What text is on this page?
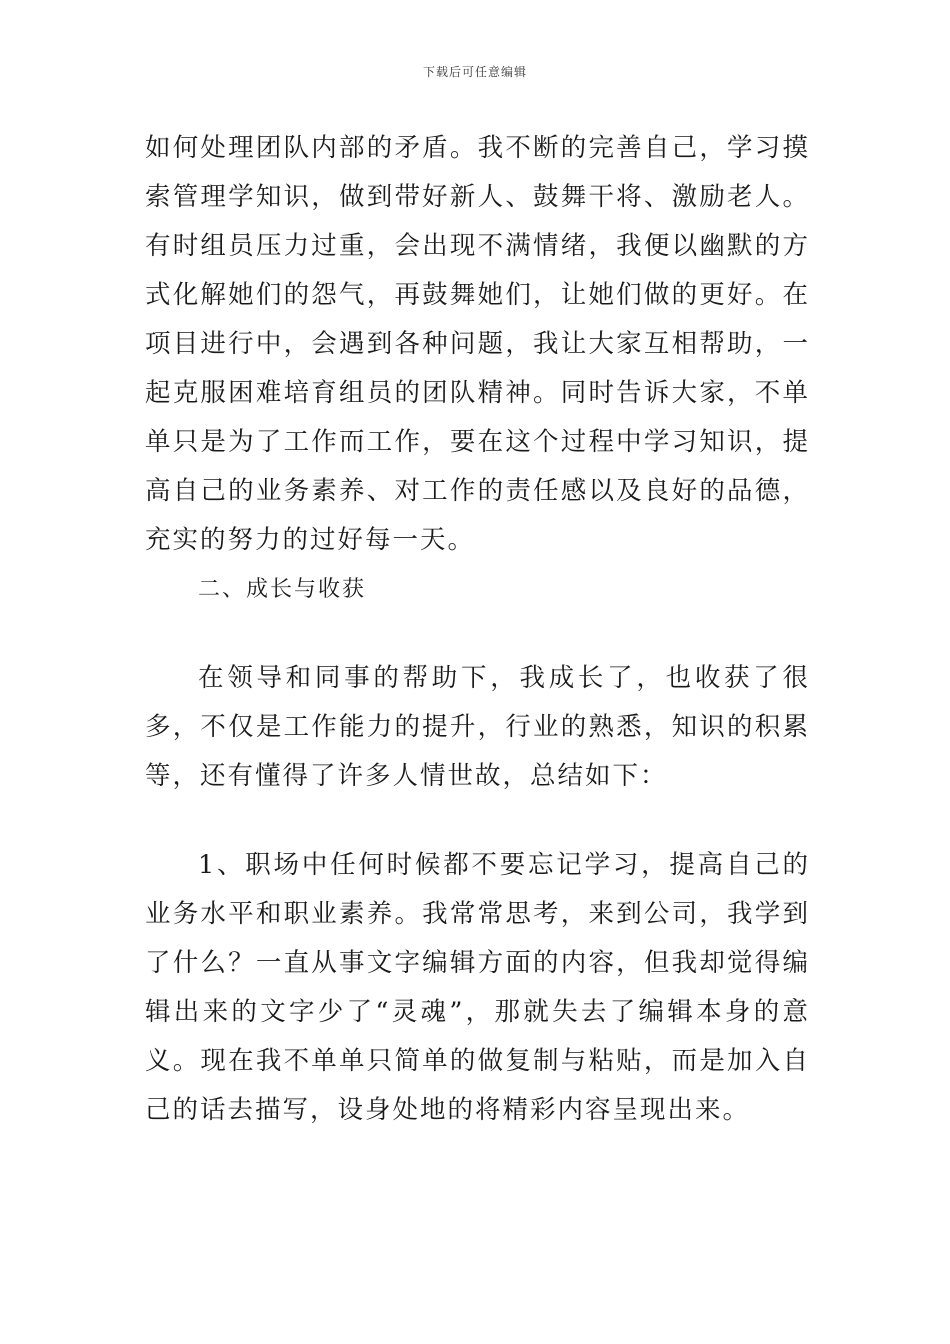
下载后可任意编辑

如何处理团队内部的矛盾。我不断的完善自己，学习摸索管理学知识，做到带好新人、鼓舞干将、激励老人。有时组员压力过重，会出现不满情绪，我便以幽默的方式化解她们的怨气，再鼓舞她们，让她们做的更好。在项目进行中，会遇到各种问题，我让大家互相帮助，一起克服困难培育组员的团队精神。同时告诉大家，不单单只是为了工作而工作，要在这个过程中学习知识，提高自己的业务素养、对工作的责任感以及良好的品德，充实的努力的过好每一天。

二、成长与收获

在领导和同事的帮助下，我成长了，也收获了很多，不仅是工作能力的提升，行业的熟悉，知识的积累等，还有懂得了许多人情世故，总结如下：

1、职场中任何时候都不要忘记学习，提高自己的业务水平和职业素养。我常常思考，来到公司，我学到了什么？一直从事文字编辑方面的内容，但我却觉得编辑出来的文字少了“灵魂”，那就失去了编辑本身的意义。现在我不单单只简单的做复制与粘贴，而是加入自己的话去描写，设身处地的将精彩内容呈现出来。
